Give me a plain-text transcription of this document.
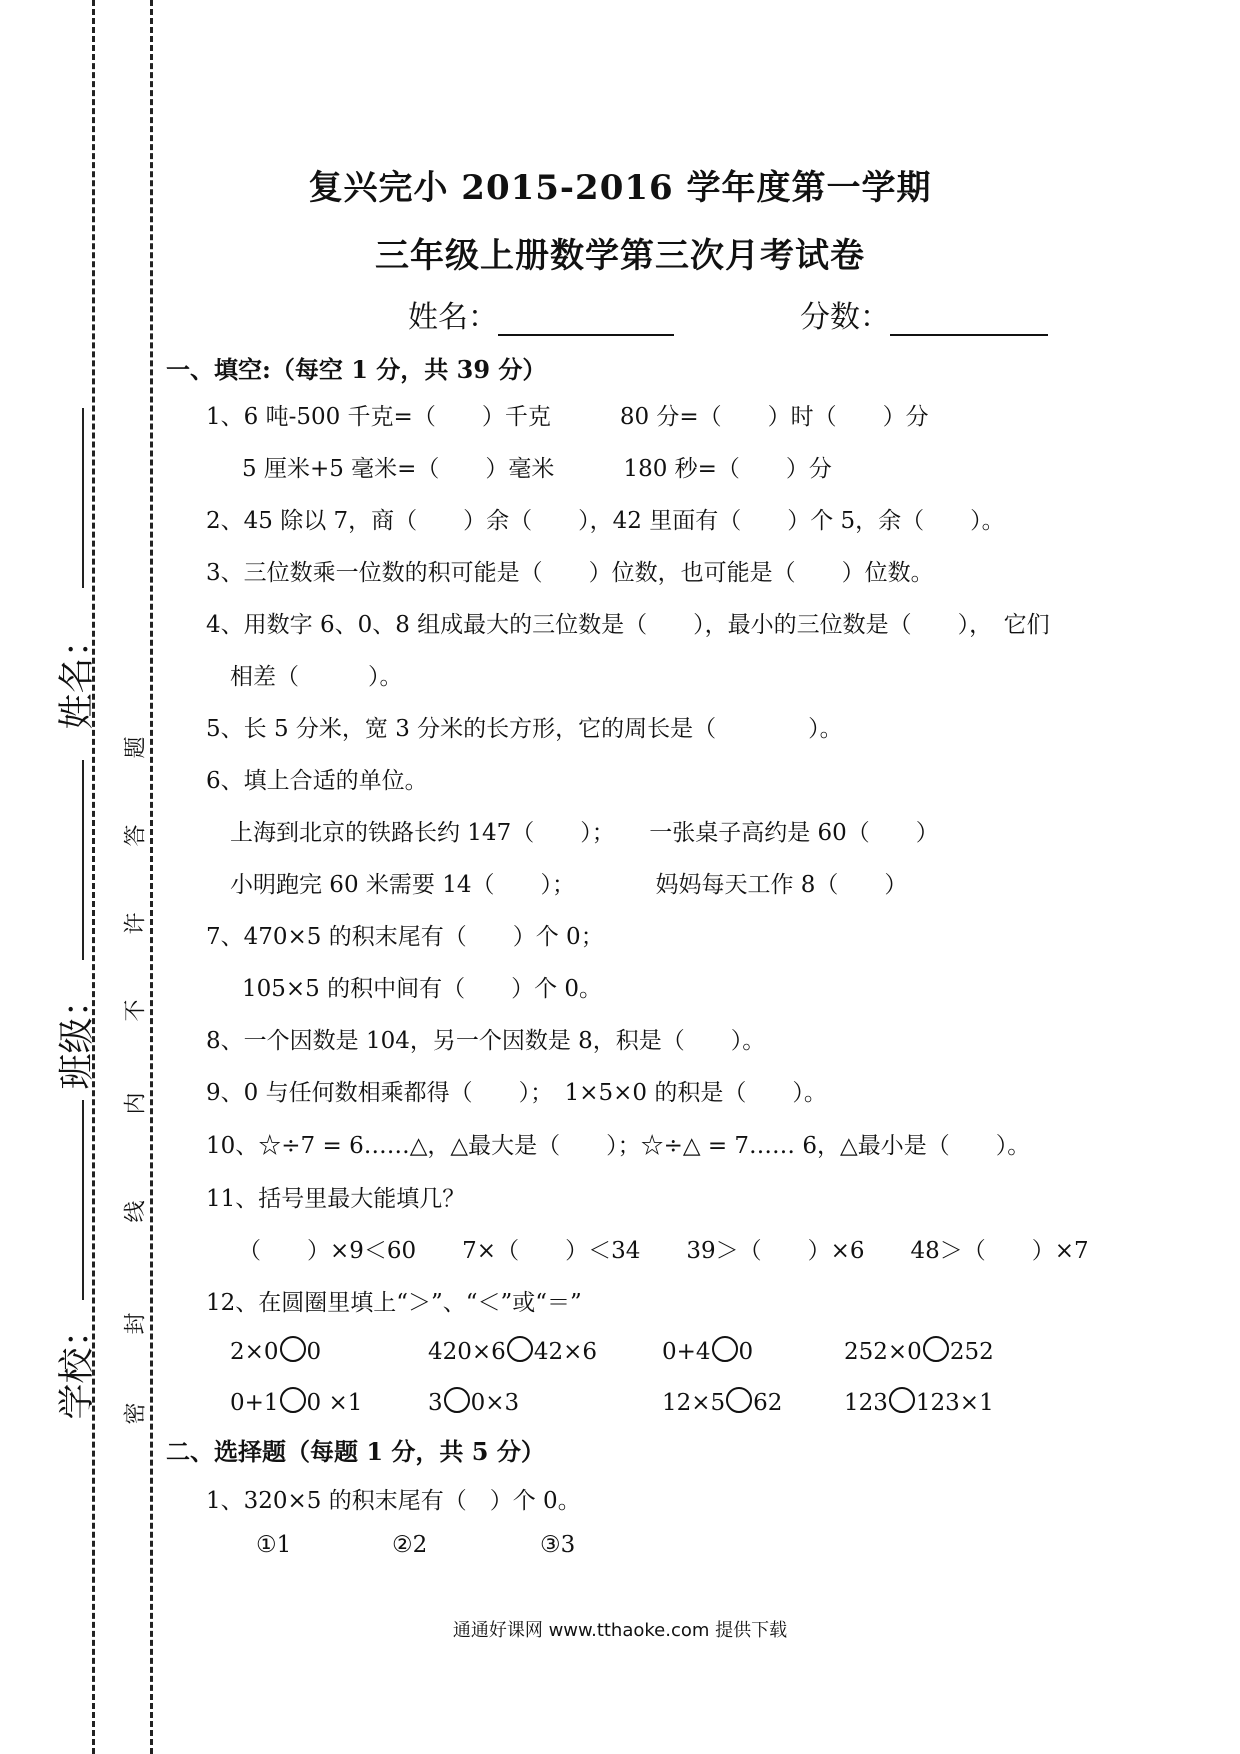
姓名：
班级：
学校：
题
答
许
不
内
线
封
密
复兴完小 2015-2016 学年度第一学期
三年级上册数学第三次月考试卷
姓名：	分数：
一、填空:（每空 1 分，共 39 分）
1、6 吨-500 千克=（　　）千克　　　80 分=（　　）时（　　）分
5 厘米+5 毫米=（　　）毫米　　　180 秒=（　　）分
2、45 除以 7，商（　　）余（　　），42 里面有（　　）个 5，余（　　）。
3、三位数乘一位数的积可能是（　　）位数，也可能是（　　）位数。
4、用数字 6、0、8 组成最大的三位数是（　　），最小的三位数是（　　），　它们
相差（　　　）。
5、长 5 分米，宽 3 分米的长方形，它的周长是（　　　　）。
6、填上合适的单位。
上海到北京的铁路长约 147（　　）；　　一张桌子高约是 60（　　）
小明跑完 60 米需要 14（　　）；　　　　妈妈每天工作 8（　　）
7、470×5 的积末尾有（　　）个 0；
105×5 的积中间有（　　）个 0。
8、一个因数是 104，另一个因数是 8，积是（　　）。
9、0 与任何数相乘都得（　　）；　1×5×0 的积是（　　）。
10、☆÷7 = 6……△，△最大是（　　）；☆÷△ = 7…… 6，△最小是（　　）。
11、括号里最大能填几？
（　　）×9＜60　　7×（　　）＜34　　39＞（　　）×6　　48＞（　　）×7
12、在圆圈里填上“＞”、“＜”或“＝”
2×0 0	420×6 42×6	0+4 0	252×0 252
0+1 0 ×1	3 0×3	12×5 62	123 123×1
二、选择题（每题 1 分，共 5 分）
1、320×5 的积末尾有（　）个 0。
①1	②2	③3
通通好课网 www.tthaoke.com 提供下载
